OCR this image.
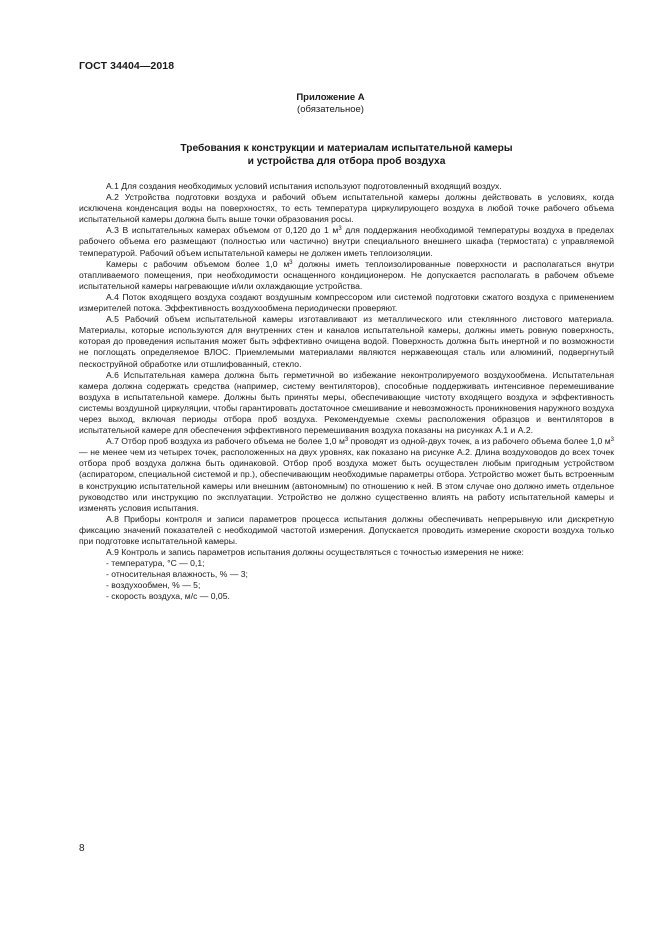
ГОСТ 34404—2018
Приложение А
(обязательное)
Требования к конструкции и материалам испытательной камеры
и устройства для отбора проб воздуха

А.1 Для создания необходимых условий испытания используют подготовленный входящий воздух.

А.2 Устройства подготовки воздуха и рабочий объем испытательной камеры должны действовать в условиях, когда исключена конденсация воды на поверхностях, то есть температура циркулирующего воздуха в любой точке рабочего объема испытательной камеры должна быть выше точки образования росы.

А.3 В испытательных камерах объемом от 0,120 до 1 $м^3$ для поддержания необходимой температуры воздуха в пределах рабочего объема его размещают (полностью или частично) внутри специального внешнего шкафа (термостата) с управляемой температурой. Рабочий объем испытательной камеры не должен иметь теплоизоляции.

Камеры с рабочим объемом более 1,0 $м^3$ должны иметь теплоизолированные поверхности и располагаться внутри отапливаемого помещения, при необходимости оснащенного кондиционером. Не допускается располагать в рабочем объеме испытательной камеры нагревающие и/или охлаждающие устройства.

А.4 Поток входящего воздуха создают воздушным компрессором или системой подготовки сжатого воздуха с применением измерителей потока. Эффективность воздухообмена периодически проверяют.

А.5 Рабочий объем испытательной камеры изготавливают из металлического или стеклянного листового материала. Материалы, которые используются для внутренних стен и каналов испытательной камеры, должны иметь ровную поверхность, которая до проведения испытания может быть эффективно очищена водой. Поверхность должна быть инертной и по возможности не поглощать определяемое ВЛОС. Приемлемыми материалами являются нержавеющая сталь или алюминий, подвергнутый пескоструйной обработке или отшлифованный, стекло.

А.6 Испытательная камера должна быть герметичной во избежание неконтролируемого воздухообмена. Испытательная камера должна содержать средства (например, систему вентиляторов), способные поддерживать интенсивное перемешивание воздуха в испытательной камере. Должны быть приняты меры, обеспечивающие чистоту входящего воздуха и эффективность системы воздушной циркуляции, чтобы гарантировать достаточное смешивание и невозможность проникновения наружного воздуха через выход, включая периоды отбора проб воздуха. Рекомендуемые схемы расположения образцов и вентиляторов в испытательной камере для обеспечения эффективного перемешивания воздуха показаны на рисунках А.1 и А.2.

А.7 Отбор проб воздуха из рабочего объема не более 1,0 $м^3$ проводят из одной-двух точек, а из рабочего объема более 1,0 $м^3$ — не менее чем из четырех точек, расположенных на двух уровнях, как показано на рисунке А.2. Длина воздуховодов до всех точек отбора проб воздуха должна быть одинаковой. Отбор проб воздуха может быть осуществлен любым пригодным устройством (аспиратором, специальной системой и пр.), обеспечивающим необходимые параметры отбора. Устройство может быть встроенным в конструкцию испытательной камеры или внешним (автономным) по отношению к ней. В этом случае оно должно иметь отдельное руководство или инструкцию по эксплуатации. Устройство не должно существенно влиять на работу испытательной камеры и изменять условия испытания.

А.8 Приборы контроля и записи параметров процесса испытания должны обеспечивать непрерывную или дискретную фиксацию значений показателей с необходимой частотой измерения. Допускается проводить измерение скорости воздуха только при подготовке испытательной камеры.

А.9 Контроль и запись параметров испытания должны осуществляться с точностью измерения не ниже:

- температура, °С — 0,1;
- относительная влажность, % — 3;
- воздухообмен, % — 5;
- скорость воздуха, м/с — 0,05.
8
